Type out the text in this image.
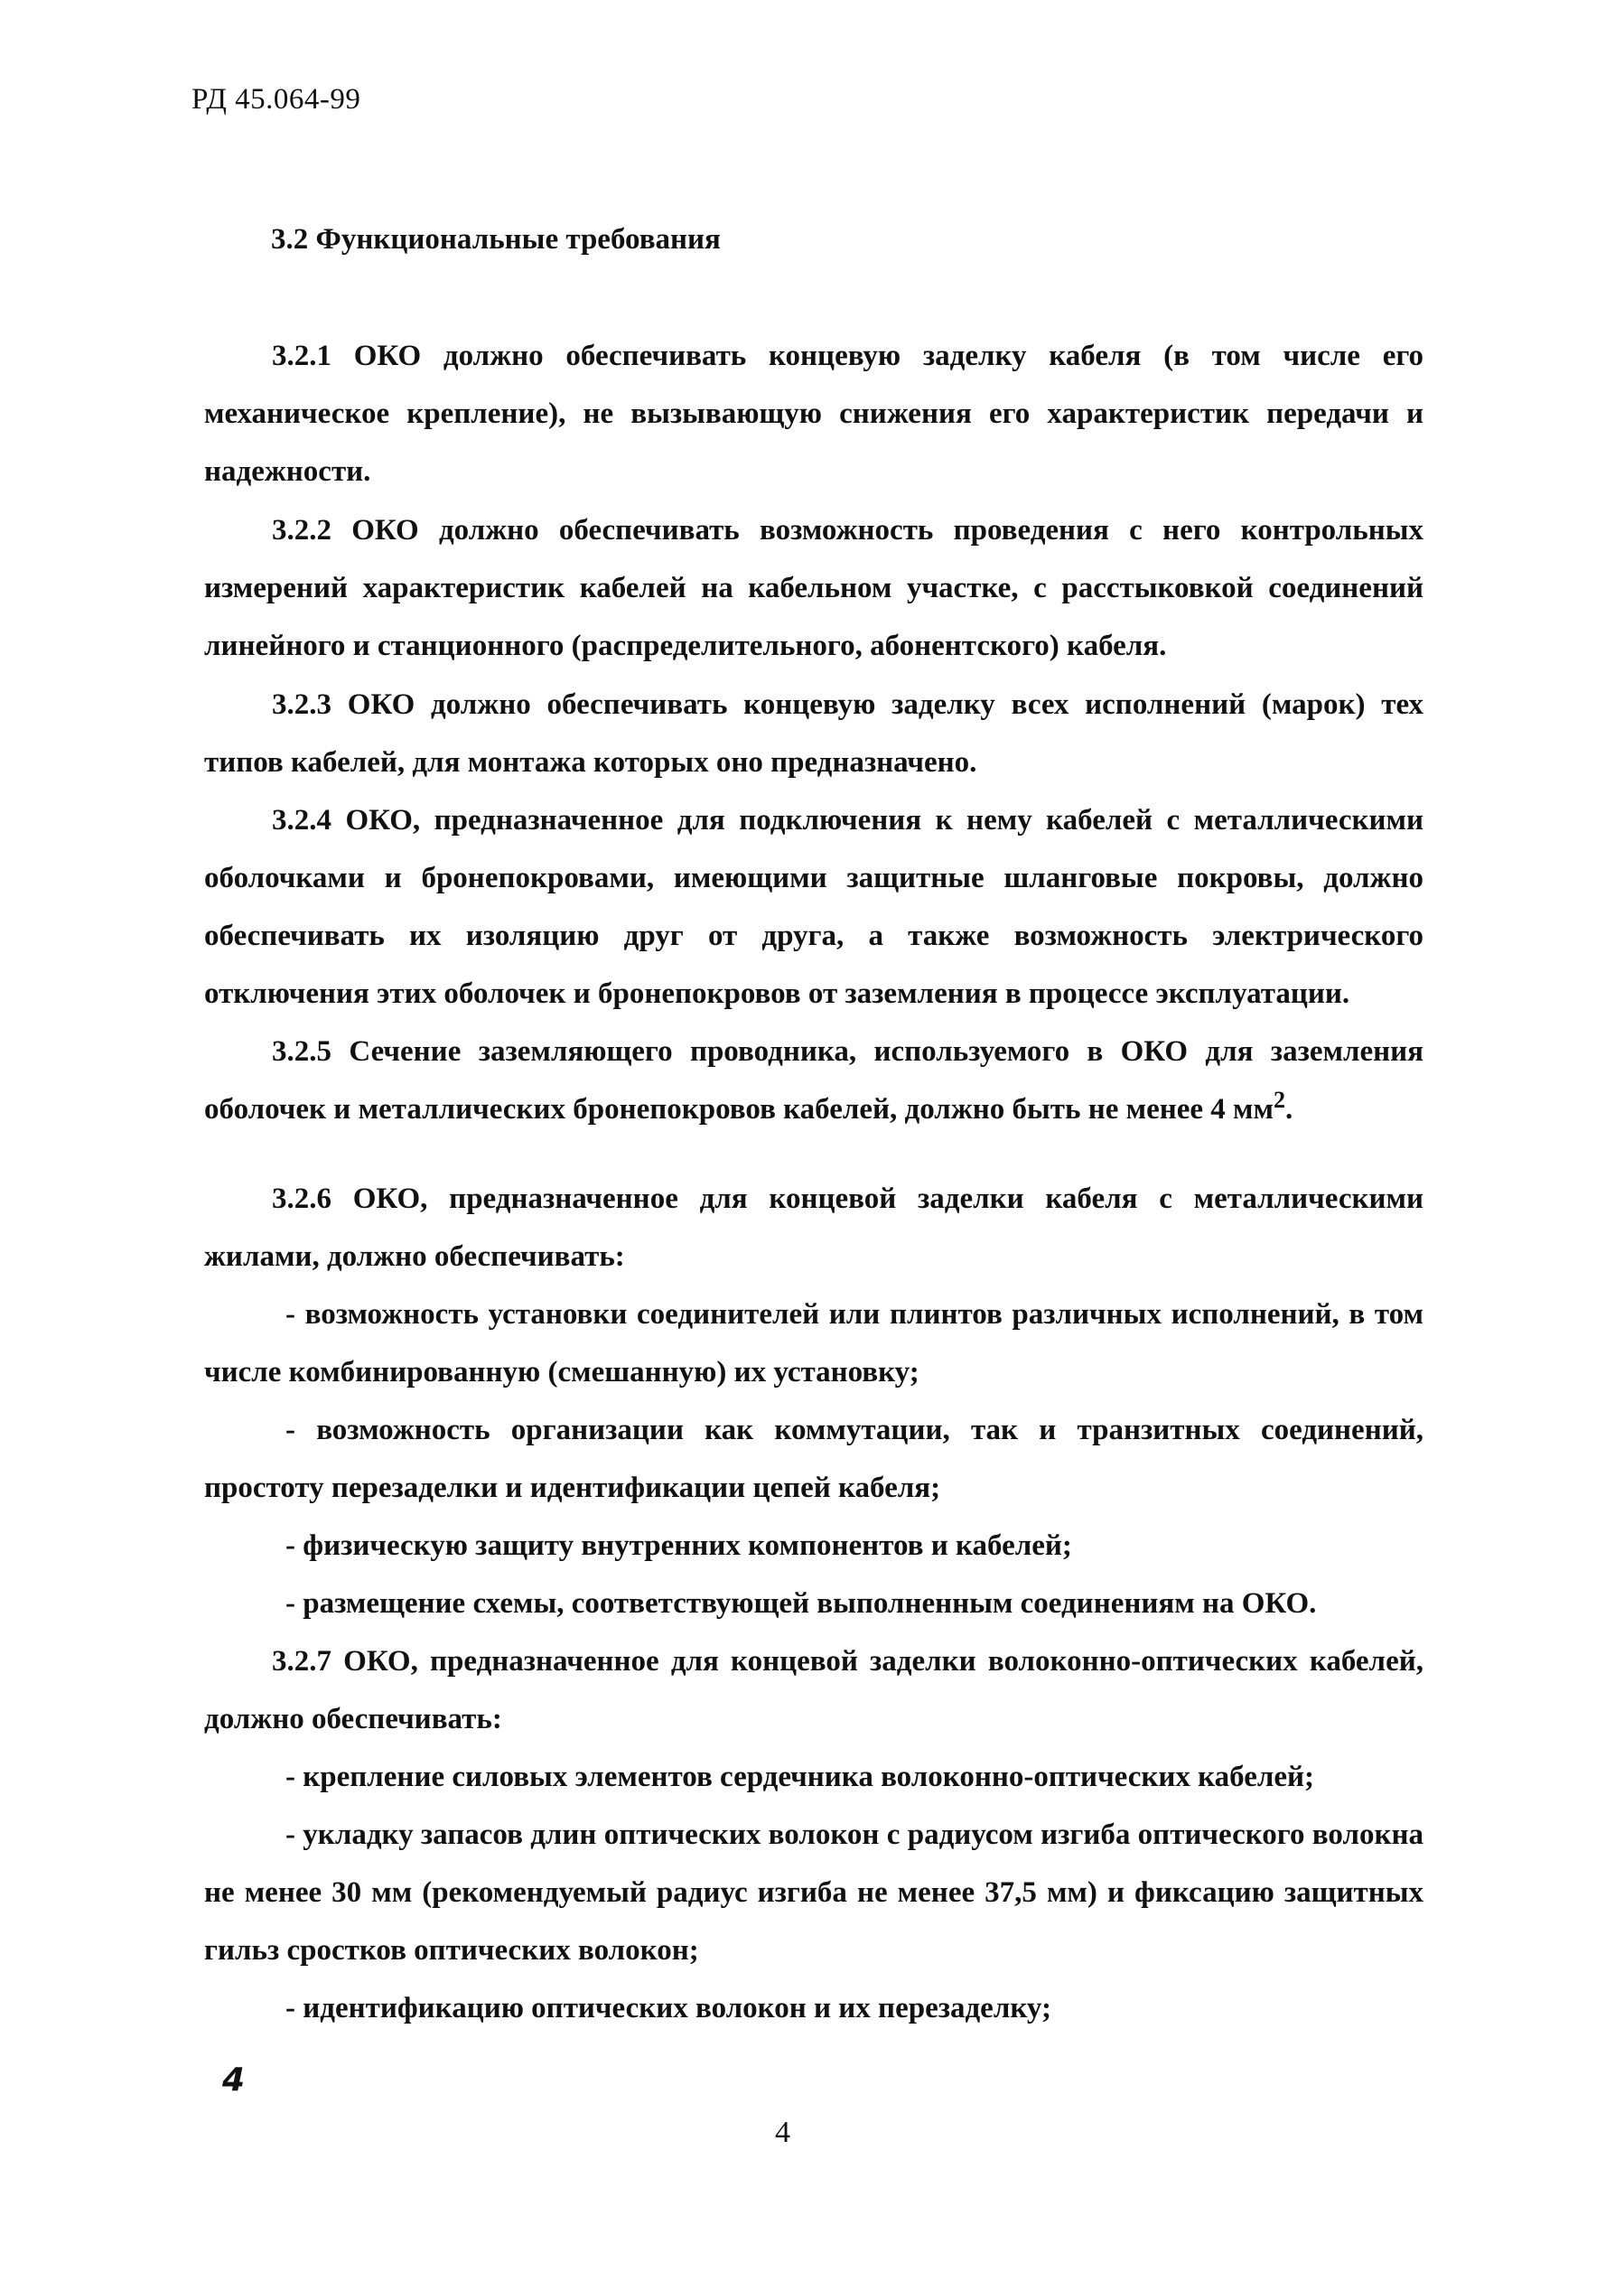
РД 45.064-99
3.2 Функциональные требования

3.2.1 ОКО должно обеспечивать концевую заделку кабеля (в том числе его механическое крепление), не вызывающую снижения его характеристик передачи и надежности.

3.2.2 ОКО должно обеспечивать возможность проведения с него контрольных измерений характеристик кабелей на кабельном участке, с расстыковкой соединений линейного и станционного (распределительного, абонентского) кабеля.

3.2.3 ОКО должно обеспечивать концевую заделку всех исполнений (марок) тех типов кабелей, для монтажа которых оно предназначено.

3.2.4 ОКО, предназначенное для подключения к нему кабелей с металлическими оболочками и бронепокровами, имеющими защитные шланговые покровы, должно обеспечивать их изоляцию друг от друга, а также возможность электрического отключения этих оболочек и бронепокровов от заземления в процессе эксплуатации.

3.2.5 Сечение заземляющего проводника, используемого в ОКО для заземления оболочек и металлических бронепокровов кабелей, должно быть не менее 4 $мм^2$.

3.2.6 ОКО, предназначенное для концевой заделки кабеля с металлическими жилами, должно обеспечивать:

- возможность установки соединителей или плинтов различных исполнений, в том числе комбинированную (смешанную) их установку;

- возможность организации как коммутации, так и транзитных соединений, простоту перезаделки и идентификации цепей кабеля;

- физическую защиту внутренних компонентов и кабелей;

- размещение схемы, соответствующей выполненным соединениям на ОКО.

3.2.7 ОКО, предназначенное для концевой заделки волоконно-оптических кабелей, должно обеспечивать:

- крепление силовых элементов сердечника волоконно-оптических кабелей;

- укладку запасов длин оптических волокон с радиусом изгиба оптического волокна не менее 30 мм (рекомендуемый радиус изгиба не менее 37,5 мм) и фиксацию защитных гильз сростков оптических волокон;

- идентификацию оптических волокон и их перезаделку;

4
4
